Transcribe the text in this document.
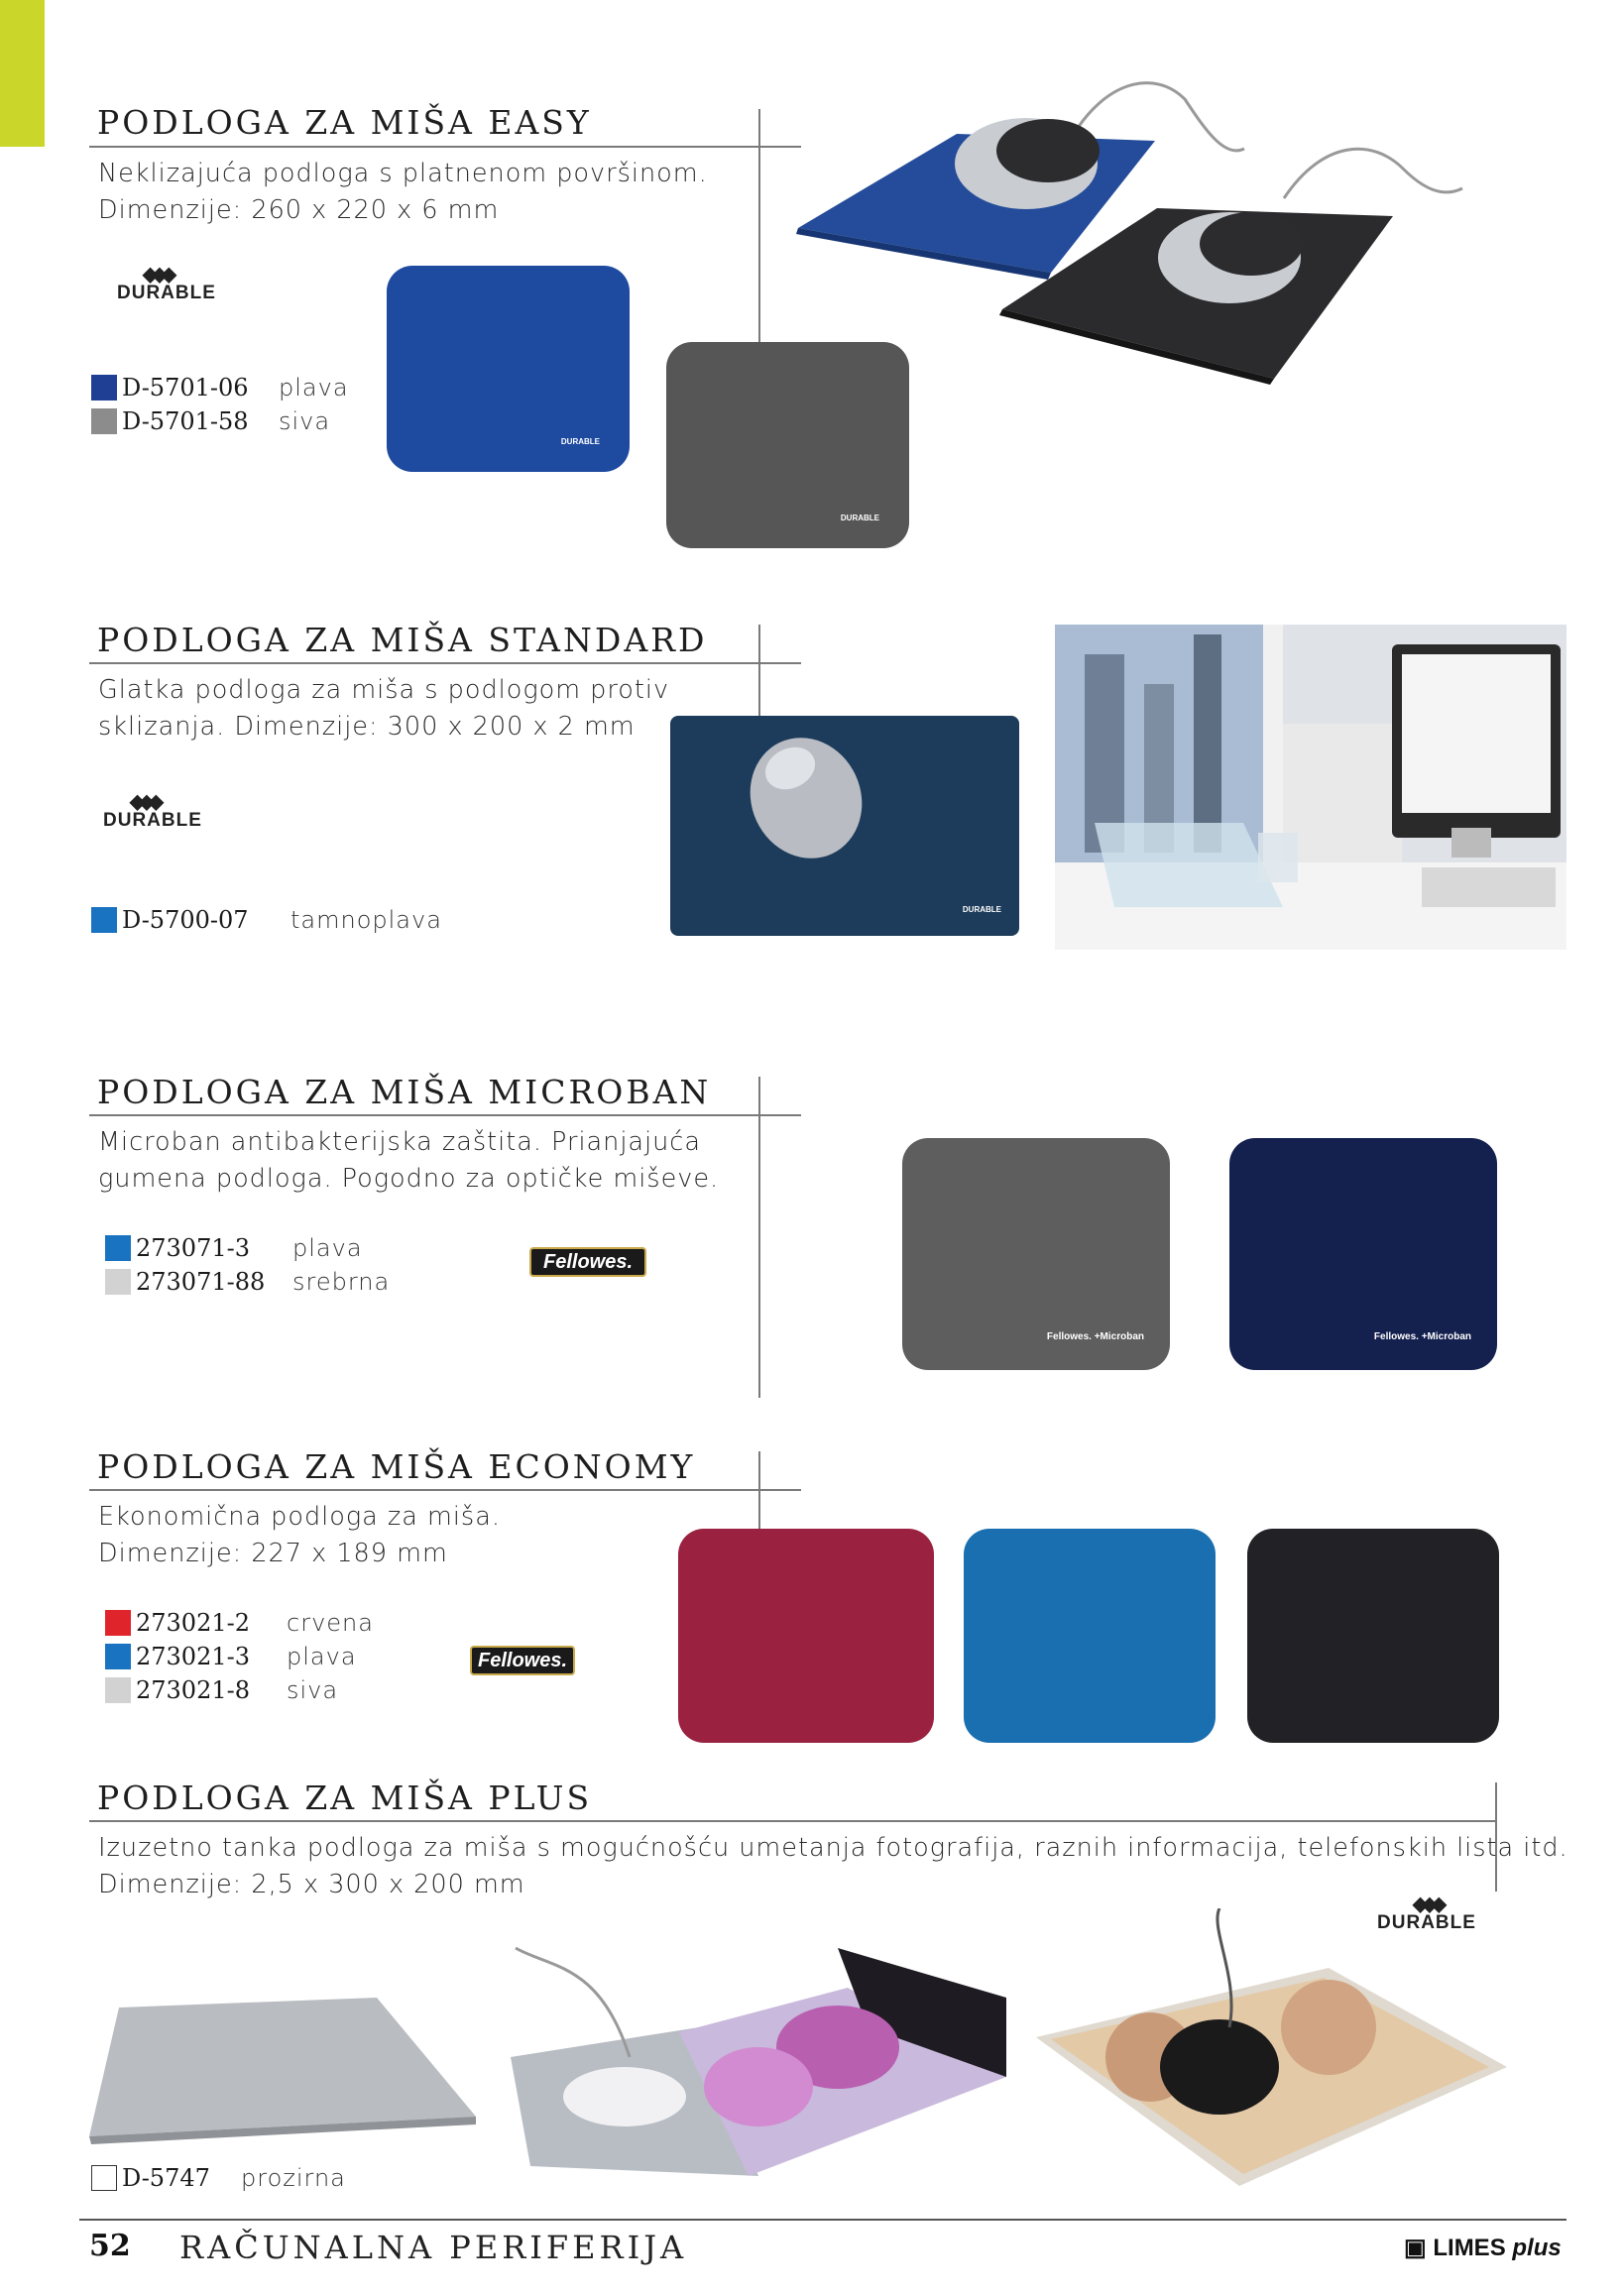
PODLOGA ZA MIŠA EASY
Neklizajuća podloga s platnenom površinom.
Dimenzije: 260 x 220 x 6 mm
◆◆◆
DURABLE
D-5701-06	plava
D-5701-58	siva
DURABLE
DURABLE
PODLOGA ZA MIŠA STANDARD
Glatka podloga za miša s podlogom protiv
sklizanja. Dimenzije: 300 x 200 x 2 mm
◆◆◆
DURABLE
D-5700-07	tamnoplava	DURABLE
PODLOGA ZA MIŠA MICROBAN
Microban antibakterijska zaštita. Prianjajuća
gumena podloga. Pogodno za optičke miševe.
273071-3	plava
273071-88	srebrna
Fellowes.
Fellowes. +Microban	Fellowes. +Microban
PODLOGA ZA MIŠA ECONOMY
Ekonomična podloga za miša.
Dimenzije: 227 x 189 mm
273021-2	crvena
273021-3	plava
273021-8	siva
Fellowes.
PODLOGA ZA MIŠA PLUS
Izuzetno tanka podloga za miša s mogućnošću umetanja fotografija, raznih informacija, telefonskih lista itd.
Dimenzije: 2,5 x 300 x 200 mm
◆◆◆
DURABLE
D-5747	prozirna
52 RAČUNALNA PERIFERIJA	▣ LIMES plus
